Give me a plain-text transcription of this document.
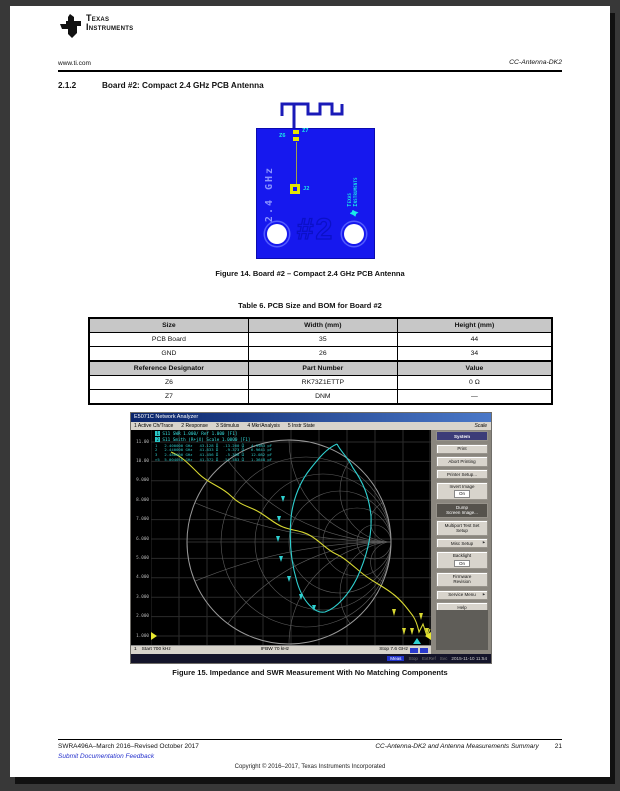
Texas
Instruments
www.ti.com	CC-Antenna-DK2
2.1.2	Board #2: Compact 2.4 GHz PCB Antenna
2.4 GHz
Z6
Z7
J2
Texas Instruments
#2
Figure 14. Board #2 – Compact 2.4 GHz PCB Antenna
Table 6. PCB Size and BOM for Board #2
Size	Width (mm)	Height (mm)
PCB Board	35	44
GND	26	34
Reference Designator	Part Number	Value
Z6	RK73Z1ETTP	0 Ω
Z7	DNM	—
E5071C Network Analyzer
1 Active Ch/Trace 2 Response 3 Stimulus 4 Mkr/Analysis 5 Instr State	Scale
11.00
10.00
9.000
8.000
7.000
6.000
5.000
4.000
3.000
2.000
1.000
1 S11 SWR 1.000/ Ref 1.000 [F1]
2 S11 Smith (R+jX) Scale 1.0000 [F1]
1   2.400000 GHz   43.128 Ω  -13.260 Ω   4.9983 pF
2   2.440000 GHz   41.833 Ω   -9.373 Ω   6.9641 pF
3   2.480000 GHz   41.456 Ω   -5.308 Ω   12.082 pF
>5  5.004050 GHz   41.372 Ω  -51.583 Ω   1.3648 pF
System
Print
Abort Printing
Printer Setup...
Invert Image
On
Dump
Screen Image...
Multiport Test Set
Setup
Misc Setup ►
Backlight
On
Firmware
Revision
Service Menu ►
Help
1 Start 700 kHz	IFBW 70 kHz	Stop 7.6 GHz
Meas	Stop ExtRef Svc 2015-11-10 11:54
Figure 15. Impedance and SWR Measurement With No Matching Components
SWRA496A–March 2016–Revised October 2017	CC-Antenna-DK2 and Antenna Measurements Summary 21
Submit Documentation Feedback
Copyright © 2016–2017, Texas Instruments Incorporated
